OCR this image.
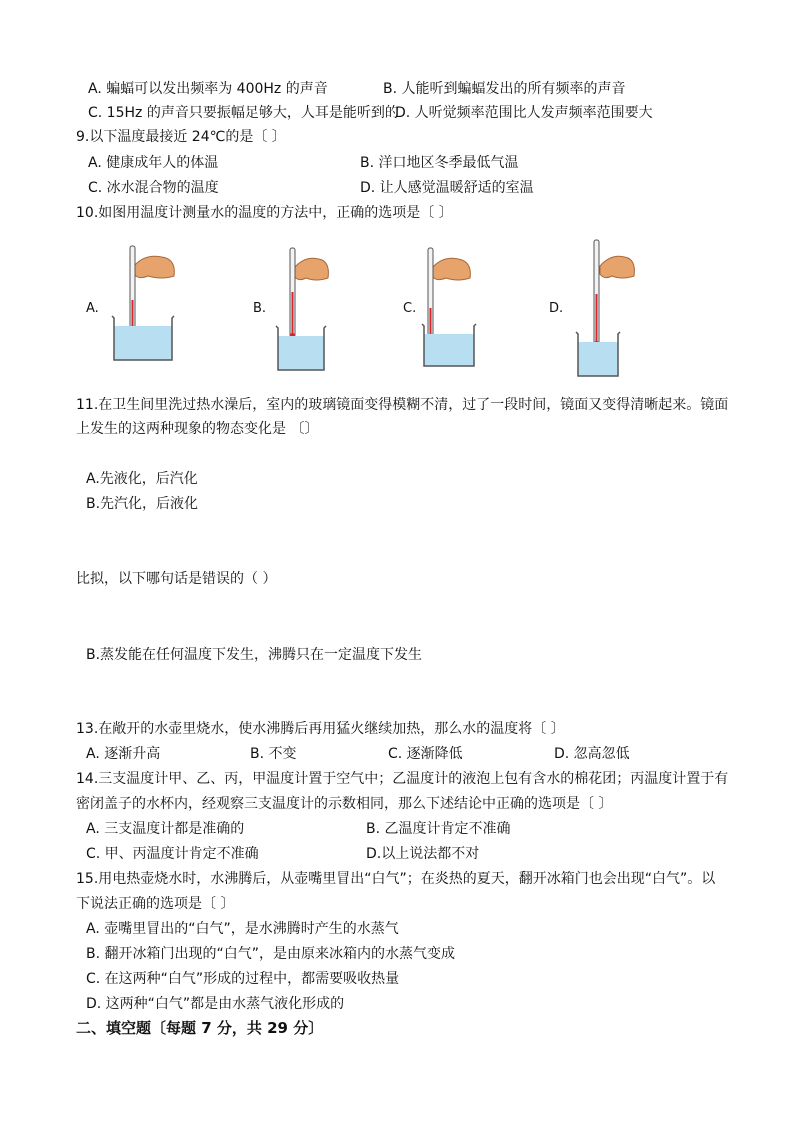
A. 蝙蝠可以发出频率为 400Hz 的声音	B. 人能听到蝙蝠发出的所有频率的声音
C. 15Hz 的声音只要振幅足够大，人耳是能听到的
D. 人听觉频率范围比人发声频率范围要大
9.以下温度最接近 24℃的是〔 〕
A. 健康成年人的体温	B. 洋口地区冬季最低气温
C. 冰水混合物的温度	D. 让人感觉温暖舒适的室温
10.如图用温度计测量水的温度的方法中，正确的选项是〔 〕
A.	B.	C.	D.
11.在卫生间里洗过热水澡后，室内的玻璃镜面变得模糊不清，过了一段时间，镜面又变得清晰起来。镜面
上发生的这两种现象的物态变化是 〔〕
A.先液化，后汽化
B.先汽化，后液化
比拟，以下哪句话是错误的（ ）
B.蒸发能在任何温度下发生，沸腾只在一定温度下发生
13.在敞开的水壶里烧水，使水沸腾后再用猛火继续加热，那么水的温度将〔 〕
A. 逐渐升高	B. 不变	C. 逐渐降低	D. 忽高忽低
14.三支温度计甲、乙、丙，甲温度计置于空气中；乙温度计的液泡上包有含水的棉花团；丙温度计置于有
密闭盖子的水杯内，经观察三支温度计的示数相同，那么下述结论中正确的选项是〔 〕
A. 三支温度计都是准确的	B. 乙温度计肯定不准确
C. 甲、丙温度计肯定不准确	D.以上说法都不对
15.用电热壶烧水时，水沸腾后，从壶嘴里冒出“白气”；在炎热的夏天，翻开冰箱门也会出现“白气”。以
下说法正确的选项是〔 〕
A. 壶嘴里冒出的“白气”，是水沸腾时产生的水蒸气
B. 翻开冰箱门出现的“白气”，是由原来冰箱内的水蒸气变成
C. 在这两种“白气”形成的过程中，都需要吸收热量
D. 这两种“白气”都是由水蒸气液化形成的
二、填空题〔每题 7 分，共 29 分〕
